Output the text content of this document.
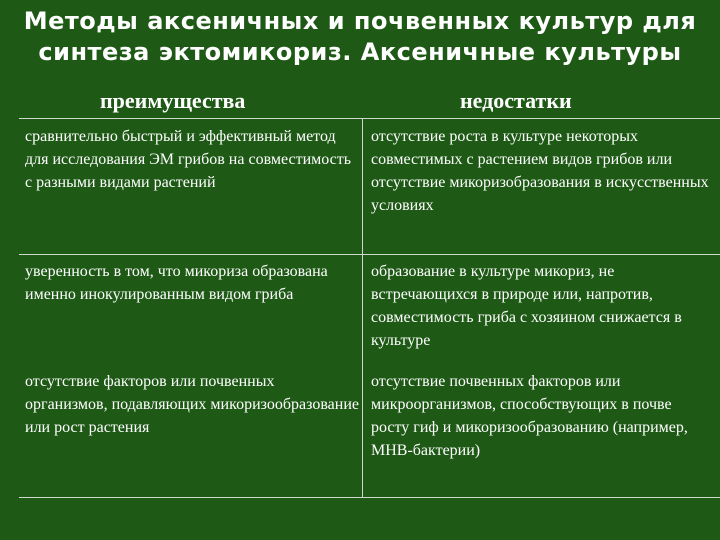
Методы аксеничных и почвенных культур для синтеза эктомикориз. Аксеничные культуры
преимущества	недостатки
сравнительно быстрый и эффективный метод для исследования ЭМ грибов на совместимость с разными видами растений
отсутствие роста в культуре некоторых совместимых с растением видов грибов или отсутствие микоризобразования в искусственных условиях
уверенность в том, что микориза образована именно инокулированным видом гриба
образование в культуре микориз, не встречающихся в природе или, напротив, совместимость гриба с хозяином снижается в культуре
отсутствие факторов или почвенных организмов, подавляющих микоризообразование или рост растения
отсутствие почвенных факторов или микроорганизмов, способствующих в почве росту гиф и микоризообразованию (например, МНВ-бактерии)
